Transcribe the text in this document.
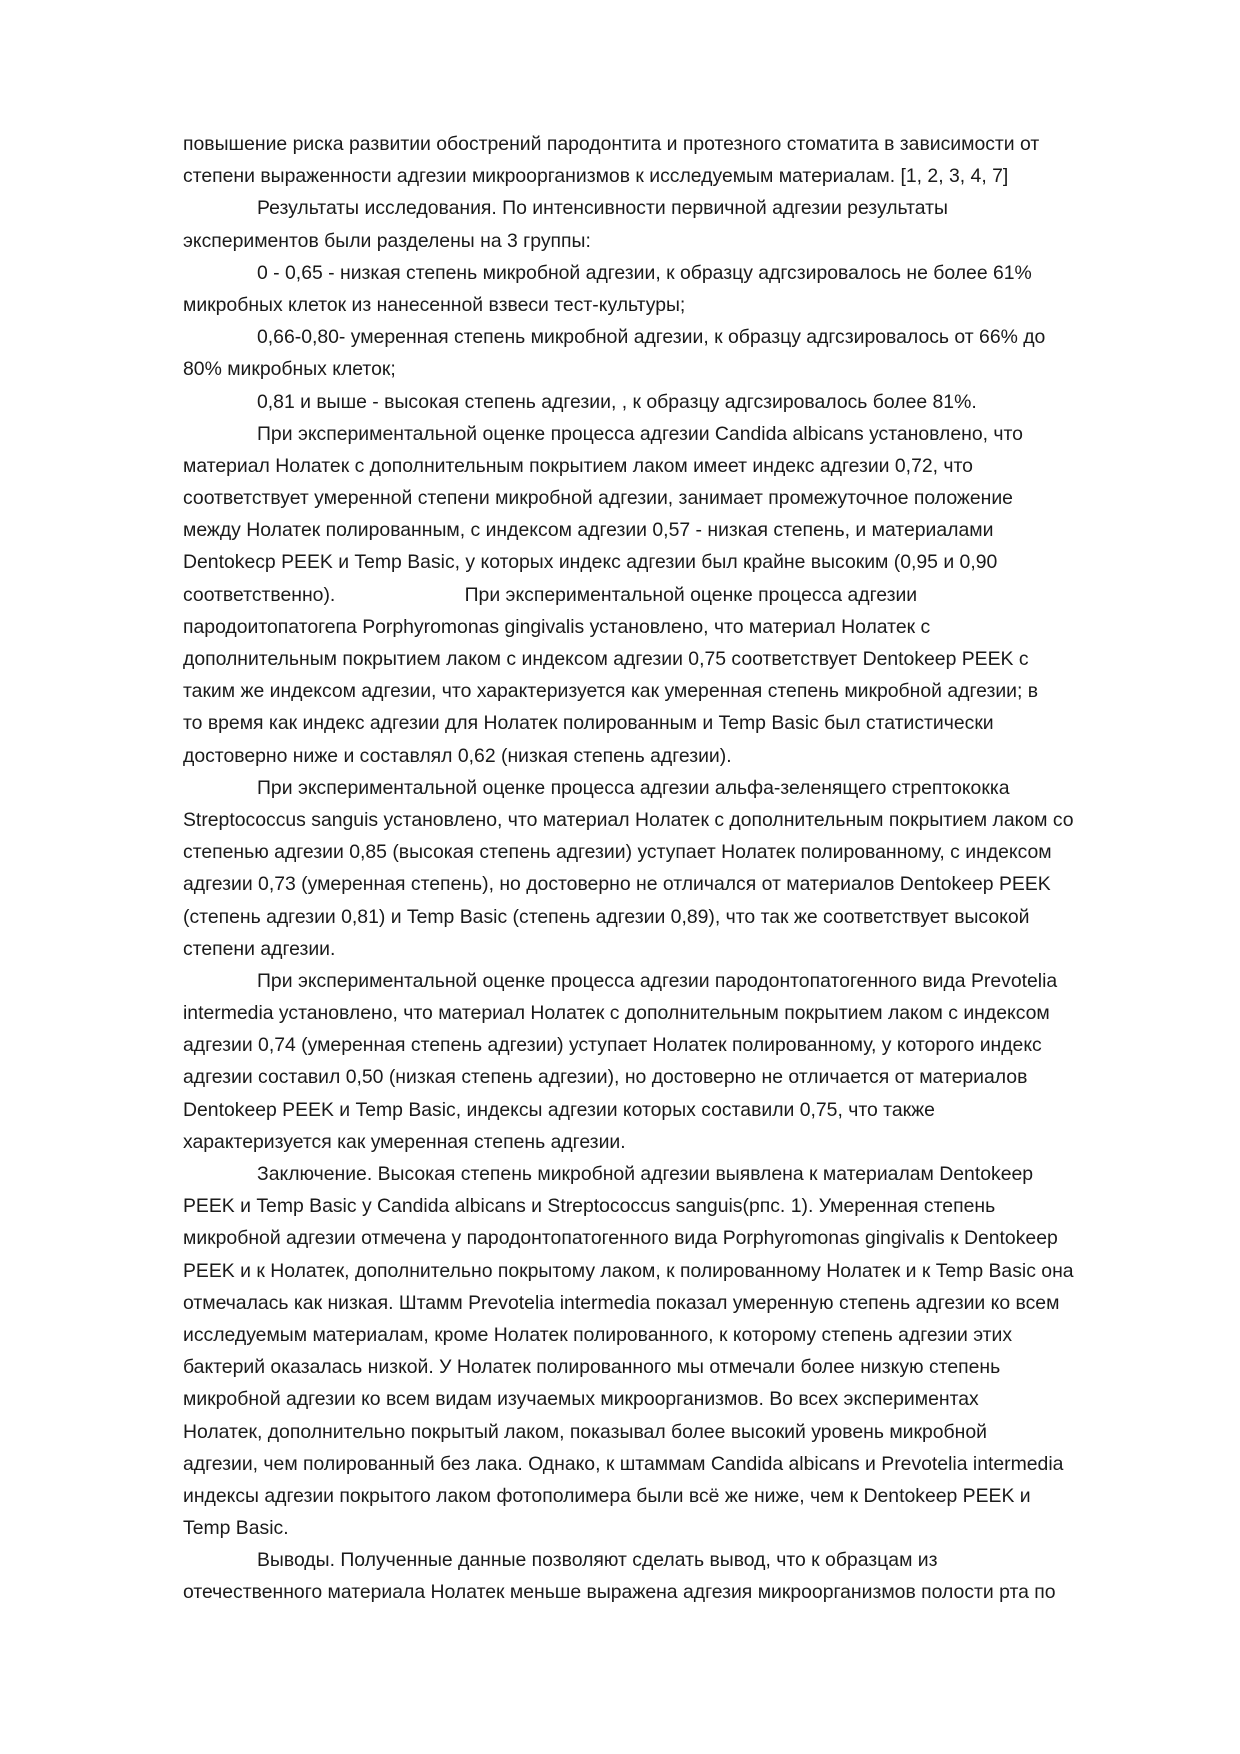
повышение риска развитии обострений пародонтита и протезного стоматита в зависимости от
степени выраженности адгезии микроорганизмов к исследуемым материалам. [1, 2, 3, 4, 7]
Результаты исследования. По интенсивности первичной адгезии результаты
экспериментов были разделены на 3 группы:
0 - 0,65 - низкая степень микробной адгезии, к образцу адгсзировалось не более 61%
микробных клеток из нанесенной взвеси тест-культуры;
0,66-0,80- умеренная степень микробной адгезии, к образцу адгсзировалось от 66% до
80% микробных клеток;
0,81 и выше - высокая степень адгезии, , к образцу адгсзировалось более 81%.
При экспериментальной оценке процесса адгезии Candida albicans установлено, что
материал Нолатек с дополнительным покрытием лаком имеет индекс адгезии 0,72, что
соответствует умеренной степени микробной адгезии, занимает промежуточное положение
между Нолатек полированным, с индексом адгезии 0,57 - низкая степень, и материалами
Dentokecp PEEK и Temp Basic, у которых индекс адгезии был крайне высоким (0,95 и 0,90
соответственно).                        При экспериментальной оценке процесса адгезии
пародоитопатогепа Porphyromonas gingivalis установлено, что материал Нолатек с
дополнительным покрытием лаком с индексом адгезии 0,75 соответствует Dentokeep PEEK с
таким же индексом адгезии, что характеризуется как умеренная степень микробной адгезии; в
то время как индекс адгезии для Нолатек полированным и Temp Basic был статистически
достоверно ниже и составлял 0,62 (низкая степень адгезии).
При экспериментальной оценке процесса адгезии альфа-зеленящего стрептококка
Streptococcus sanguis установлено, что материал Нолатек с дополнительным покрытием лаком со
степенью адгезии 0,85 (высокая степень адгезии) уступает Нолатек полированному, с индексом
адгезии 0,73 (умеренная степень), но достоверно не отличался от материалов Dentokeep PEEK
(степень адгезии 0,81) и Temp Basic (степень адгезии 0,89), что так же соответствует высокой
степени адгезии.
При экспериментальной оценке процесса адгезии пародонтопатогенного вида Prevotelia
intermedia установлено, что материал Нолатек с дополнительным покрытием лаком с индексом
адгезии 0,74 (умеренная степень адгезии) уступает Нолатек полированному, у которого индекс
адгезии составил 0,50 (низкая степень адгезии), но достоверно не отличается от материалов
Dentokeep PEEK и Temp Basic, индексы адгезии которых составили 0,75, что также
характеризуется как умеренная степень адгезии.
Заключение. Высокая степень микробной адгезии выявлена к материалам Dentokeep
PEEK и Temp Basic у Candida albicans и Streptococcus sanguis(рпс. 1). Умеренная степень
микробной адгезии отмечена у пародонтопатогенного вида Porphyromonas gingivalis к Dentokeep
PEEK и к Нолатек, дополнительно покрытому лаком, к полированному Нолатек и к Temp Basic она
отмечалась как низкая. Штамм Prevotelia intermedia показал умеренную степень адгезии ко всем
исследуемым материалам, кроме Нолатек полированного, к которому степень адгезии этих
бактерий оказалась низкой. У Нолатек полированного мы отмечали более низкую степень
микробной адгезии ко всем видам изучаемых микроорганизмов. Во всех экспериментах
Нолатек, дополнительно покрытый лаком, показывал более высокий уровень микробной
адгезии, чем полированный без лака. Однако, к штаммам Candida albicans и Prevotelia intermedia
индексы адгезии покрытого лаком фотополимера были всё же ниже, чем к Dentokeep PEEK и
Temp Basic.
Выводы. Полученные данные позволяют сделать вывод, что к образцам из
отечественного материала Нолатек меньше выражена адгезия микроорганизмов полости рта по
